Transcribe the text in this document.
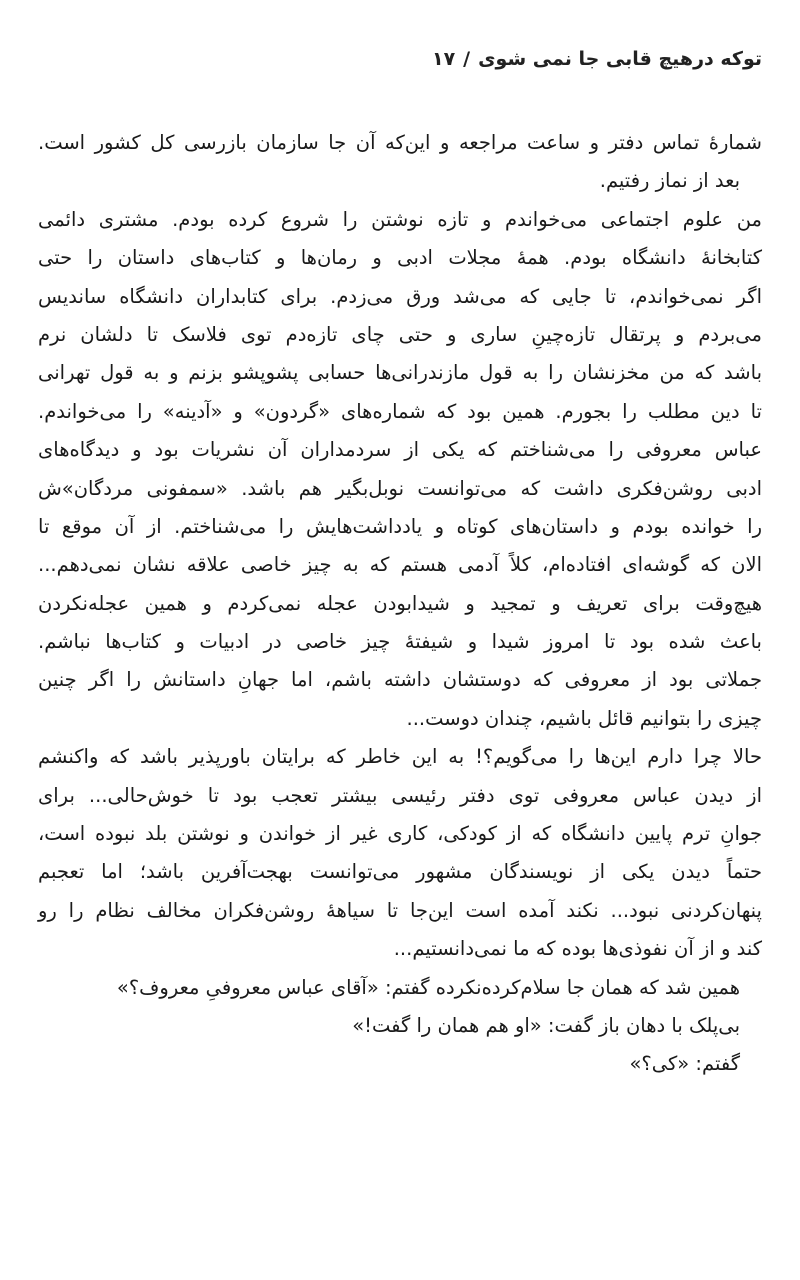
توکه درهیچ قابی جا نمی شوی/۱۷
شمارهٔ تماس دفتر و ساعت مراجعه و این‌که آن جا سازمان بازرسی کل کشور است.
بعد از نماز رفتیم.
من علوم اجتماعی می‌خواندم و تازه نوشتن را شروع کرده بودم. مشتری دائمی
کتابخانهٔ دانشگاه بودم. همهٔ مجلات ادبی و رمان‌ها و کتاب‌های داستان را حتی
اگر نمی‌خواندم، تا جایی که می‌شد ورق می‌زدم. برای کتابداران دانشگاه ساندیس
می‌بردم و پرتقال تازه‌چینِ ساری و حتی چای تازه‌دم توی فلاسک تا دلشان نرم
باشد که من مخزنشان را به قول مازندرانی‌ها حسابی پشوپشو بزنم و به قول تهرانی
تا دین مطلب را بجورم. همین بود که شماره‌های «گردون» و «آدینه» را می‌خواندم.
عباس معروفی را می‌شناختم که یکی از سردمداران آن نشریات بود و دیدگاه‌های
ادبی روشن‌فکری داشت که می‌توانست نوبل‌بگیر هم باشد. «سمفونی مردگان»ش
را خوانده بودم و داستان‌های کوتاه و یادداشت‌هایش را می‌شناختم. از آن موقع تا
الان که گوشه‌ای افتاده‌ام، کلاً آدمی هستم که به چیز خاصی علاقه نشان نمی‌دهم...
هیچ‌وقت برای تعریف و تمجید و شیدابودن عجله نمی‌کردم و همین عجله‌نکردن
باعث شده بود تا امروز شیدا و شیفتهٔ چیز خاصی در ادبیات و کتاب‌ها نباشم.
جملاتی بود از معروفی که دوستشان داشته باشم، اما جهانِ داستانش را اگر چنین
چیزی را بتوانیم قائل باشیم، چندان دوست...
حالا چرا دارم این‌ها را می‌گویم؟! به این خاطر که برایتان باورپذیر باشد که واکنشم
از دیدن عباس معروفی توی دفتر رئیسی بیشتر تعجب بود تا خوش‌حالی... برای
جوانِ ترم پایین دانشگاه که از کودکی، کاری غیر از خواندن و نوشتن بلد نبوده است،
حتماً دیدن یکی از نویسندگان مشهور می‌توانست بهجت‌آفرین باشد؛ اما تعجبم
پنهان‌کردنی نبود... نکند آمده است این‌جا تا سیاههٔ روشن‌فکران مخالف نظام را رو
کند و از آن نفوذی‌ها بوده که ما نمی‌دانستیم...
همین شد که همان جا سلام‌کرده‌نکرده گفتم: «آقای عباس معروفیِ معروف؟»
بی‌پلک با دهان باز گفت: «او هم همان را گفت!»
گفتم: «کی؟»
